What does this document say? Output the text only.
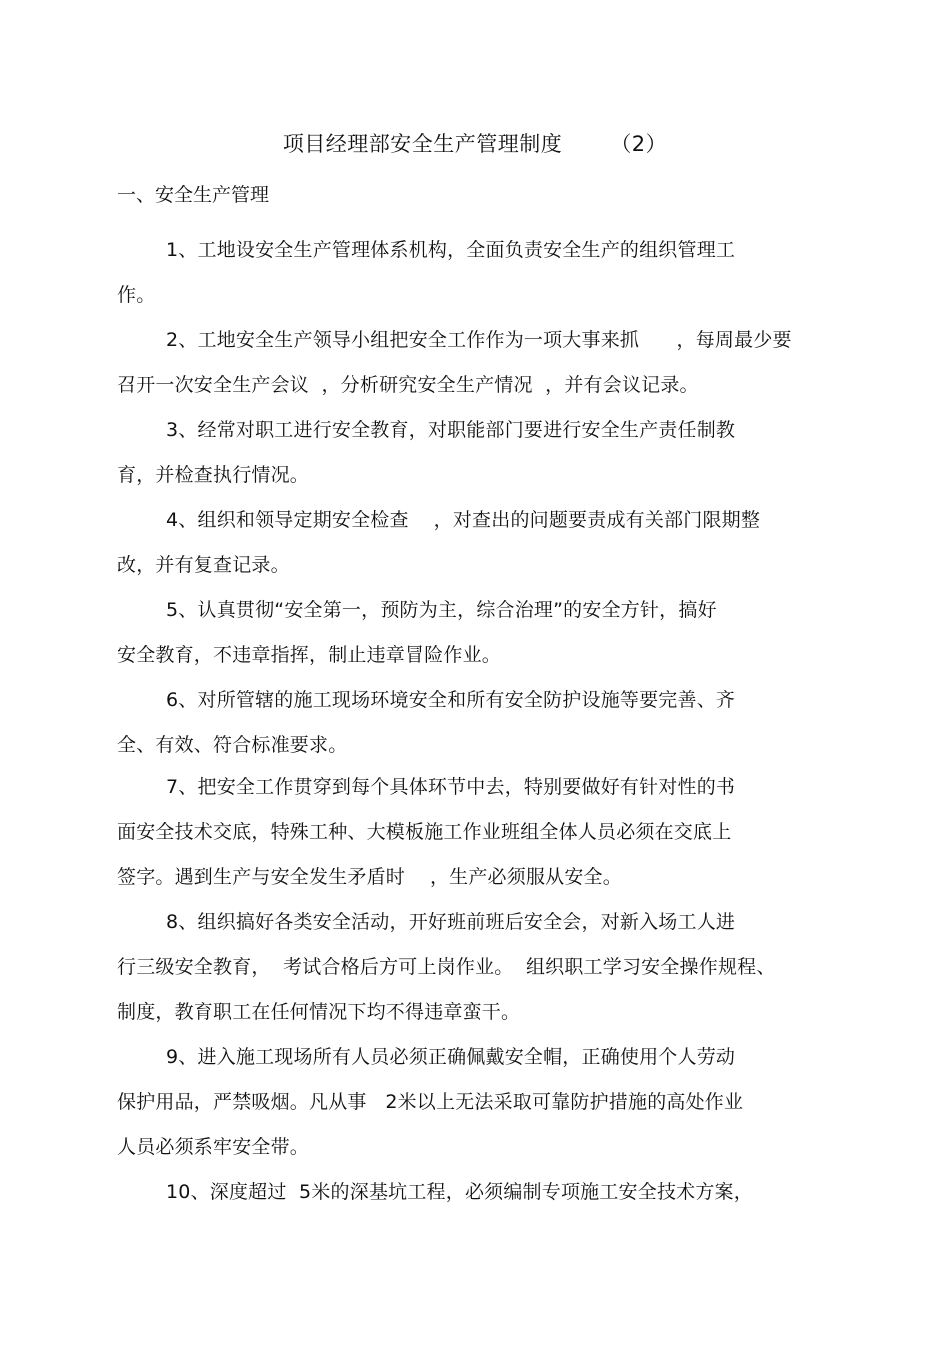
项目经理部安全生产管理制度 （2）
一、安全生产管理
1、工地设安全生产管理体系机构，全面负责安全生产的组织管理工
作。
2、工地安全生产领导小组把安全工作作为一项大事来抓      ，每周最少要
召开一次安全生产会议  ，分析研究安全生产情况  ，并有会议记录。
3、经常对职工进行安全教育，对职能部门要进行安全生产责任制教
育，并检查执行情况。
4、组织和领导定期安全检查    ，对查出的问题要责成有关部门限期整
改，并有复查记录。
5、认真贯彻“安全第一，预防为主，综合治理”的安全方针，搞好
安全教育，不违章指挥，制止违章冒险作业。
6、对所管辖的施工现场环境安全和所有安全防护设施等要完善、齐
全、有效、符合标准要求。
7、把安全工作贯穿到每个具体环节中去，特别要做好有针对性的书
面安全技术交底，特殊工种、大模板施工作业班组全体人员必须在交底上
签字。遇到生产与安全发生矛盾时    ，生产必须服从安全。
8、组织搞好各类安全活动，开好班前班后安全会，对新入场工人进
行三级安全教育，  考试合格后方可上岗作业。  组织职工学习安全操作规程、
制度，教育职工在任何情况下均不得违章蛮干。
9、进入施工现场所有人员必须正确佩戴安全帽，正确使用个人劳动
保护用品，严禁吸烟。凡从事   2米以上无法采取可靠防护措施的高处作业
人员必须系牢安全带。
10、深度超过  5米的深基坑工程，必须编制专项施工安全技术方案，
